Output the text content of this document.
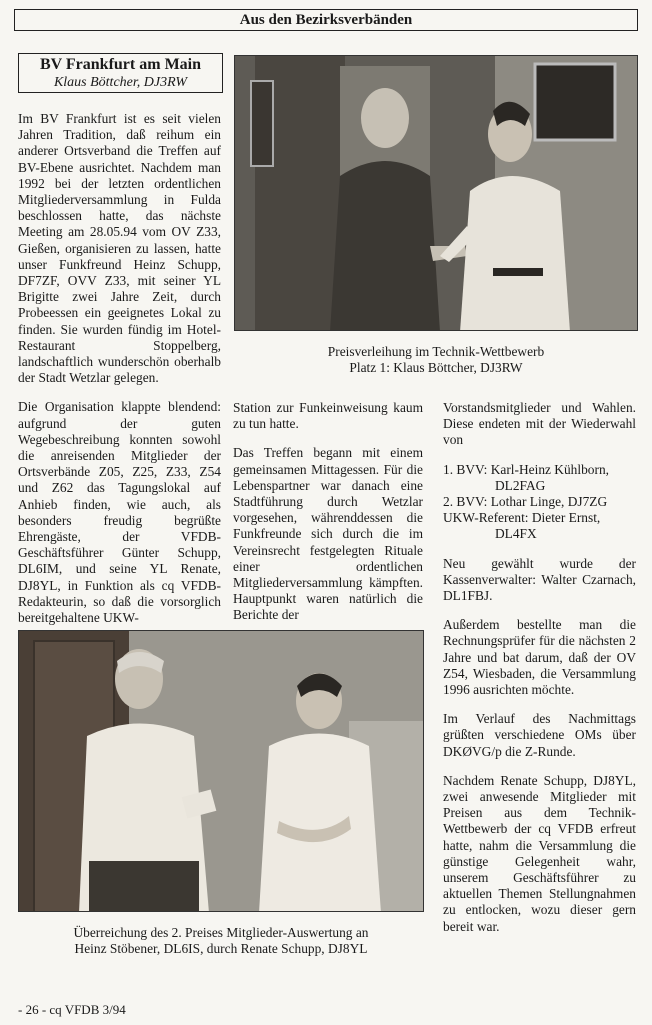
Aus den Bezirksverbänden
BV Frankfurt am Main
Klaus Böttcher, DJ3RW

Im BV Frankfurt ist es seit vielen Jahren Tradition, daß reihum ein anderer Ortsverband die Treffen auf BV-Ebene ausrichtet. Nachdem man 1992 bei der letzten ordentlichen Mitgliederversammlung in Fulda beschlossen hatte, das nächste Meeting am 28.05.94 vom OV Z33, Gießen, organisieren zu lassen, hatte unser Funkfreund Heinz Schupp, DF7ZF, OVV Z33, mit seiner YL Brigitte zwei Jahre Zeit, durch Probeessen ein geeignetes Lokal zu finden. Sie wurden fündig im Hotel-Restaurant Stoppelberg, landschaftlich wunderschön oberhalb der Stadt Wetzlar gelegen.

Die Organisation klappte blendend: aufgrund der guten Wegebeschreibung konnten sowohl die anreisenden Mitglieder der Ortsverbände Z05, Z25, Z33, Z54 und Z62 das Tagungslokal auf Anhieb finden, wie auch, als besonders freudig begrüßte Ehrengäste, der VFDB-Geschäftsführer Günter Schupp, DL6IM, und seine YL Renate, DJ8YL, in Funktion als cq VFDB-Redakteurin, so daß die vorsorglich bereitgehaltene UKW-

Preisverleihung im Technik-Wettbewerb
Platz 1: Klaus Böttcher, DJ3RW

Station zur Funkeinweisung kaum zu tun hatte.

Das Treffen begann mit einem gemeinsamen Mittagessen. Für die Lebenspartner war danach eine Stadtführung durch Wetzlar vorgesehen, währenddessen die Funkfreunde sich durch die im Vereinsrecht festgelegten Rituale einer ordentlichen Mitgliederversammlung kämpften. Hauptpunkt waren natürlich die Berichte der

Vorstandsmitglieder und Wahlen. Diese endeten mit der Wiederwahl von

1. BVV: Karl-Heinz Kühlborn,
DL2FAG
2. BVV: Lothar Linge, DJ7ZG
UKW-Referent: Dieter Ernst,
DL4FX

Neu gewählt wurde der Kassenverwalter: Walter Czarnach, DL1FBJ.

Außerdem bestellte man die Rechnungsprüfer für die nächsten 2 Jahre und bat darum, daß der OV Z54, Wiesbaden, die Versammlung 1996 ausrichten möchte.

Im Verlauf des Nachmittags grüßten verschiedene OMs über DKØVG/p die Z-Runde.

Nachdem Renate Schupp, DJ8YL, zwei anwesende Mitglieder mit Preisen aus dem Technik-Wettbewerb der cq VFDB erfreut hatte, nahm die Versammlung die günstige Gelegenheit wahr, unserem Geschäftsführer zu aktuellen Themen Stellungnahmen zu entlocken, wozu dieser gern bereit war.

Überreichung des 2. Preises Mitglieder-Auswertung an
Heinz Stöbener, DL6IS, durch Renate Schupp, DJ8YL
- 26 - cq VFDB 3/94
